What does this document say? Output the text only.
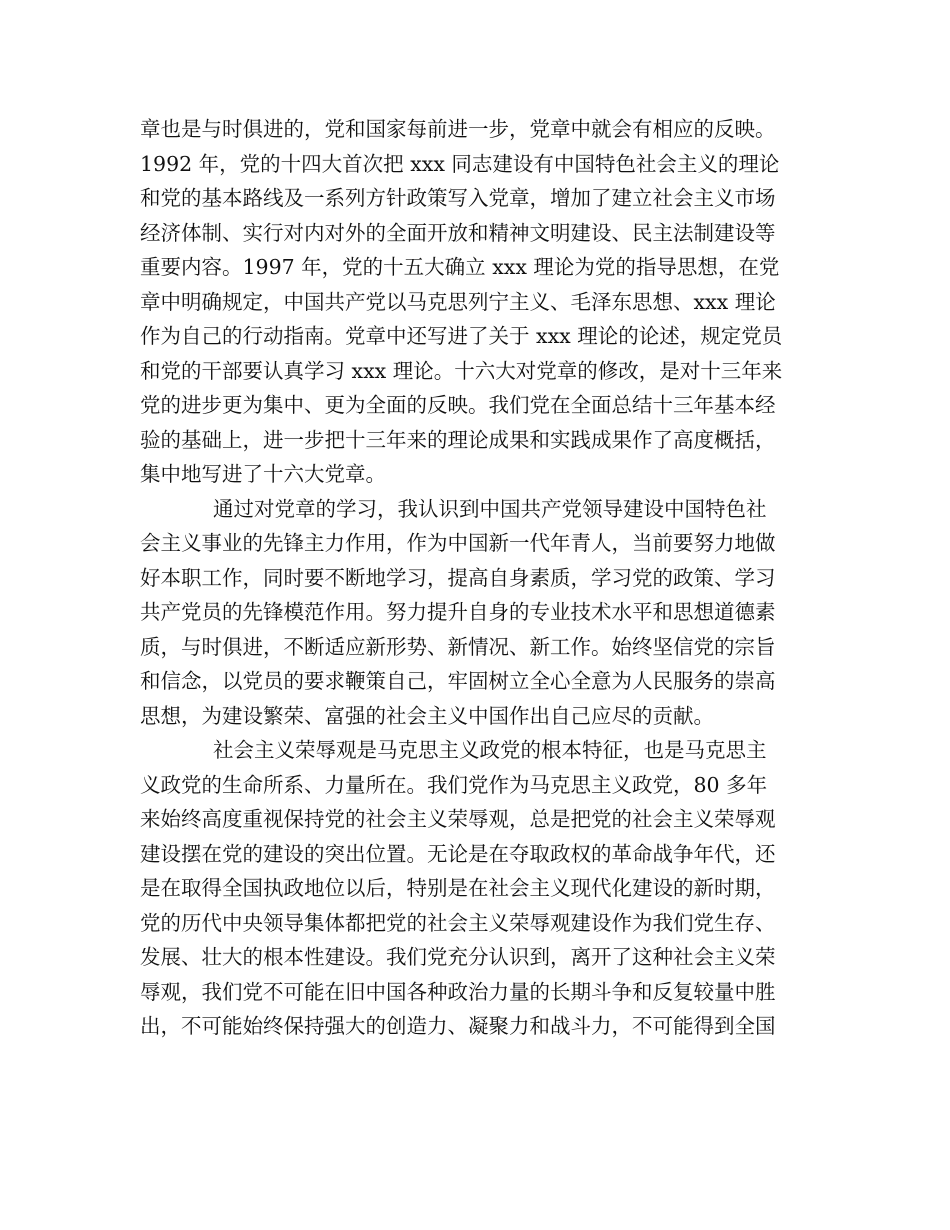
章也是与时俱进的，党和国家每前进一步，党章中就会有相应的反映。
1992 年，党的十四大首次把 xxx 同志建设有中国特色社会主义的理论
和党的基本路线及一系列方针政策写入党章，增加了建立社会主义市场
经济体制、实行对内对外的全面开放和精神文明建设、民主法制建设等
重要内容。1997 年，党的十五大确立 xxx 理论为党的指导思想，在党
章中明确规定，中国共产党以马克思列宁主义、毛泽东思想、xxx 理论
作为自己的行动指南。党章中还写进了关于 xxx 理论的论述，规定党员
和党的干部要认真学习 xxx 理论。十六大对党章的修改，是对十三年来
党的进步更为集中、更为全面的反映。我们党在全面总结十三年基本经
验的基础上，进一步把十三年来的理论成果和实践成果作了高度概括，
集中地写进了十六大党章。
通过对党章的学习，我认识到中国共产党领导建设中国特色社
会主义事业的先锋主力作用，作为中国新一代年青人，当前要努力地做
好本职工作，同时要不断地学习，提高自身素质，学习党的政策、学习
共产党员的先锋模范作用。努力提升自身的专业技术水平和思想道德素
质，与时俱进，不断适应新形势、新情况、新工作。始终坚信党的宗旨
和信念，以党员的要求鞭策自己，牢固树立全心全意为人民服务的崇高
思想，为建设繁荣、富强的社会主义中国作出自己应尽的贡献。
社会主义荣辱观是马克思主义政党的根本特征，也是马克思主
义政党的生命所系、力量所在。我们党作为马克思主义政党，80 多年
来始终高度重视保持党的社会主义荣辱观，总是把党的社会主义荣辱观
建设摆在党的建设的突出位置。无论是在夺取政权的革命战争年代，还
是在取得全国执政地位以后，特别是在社会主义现代化建设的新时期，
党的历代中央领导集体都把党的社会主义荣辱观建设作为我们党生存、
发展、壮大的根本性建设。我们党充分认识到，离开了这种社会主义荣
辱观，我们党不可能在旧中国各种政治力量的长期斗争和反复较量中胜
出，不可能始终保持强大的创造力、凝聚力和战斗力，不可能得到全国
